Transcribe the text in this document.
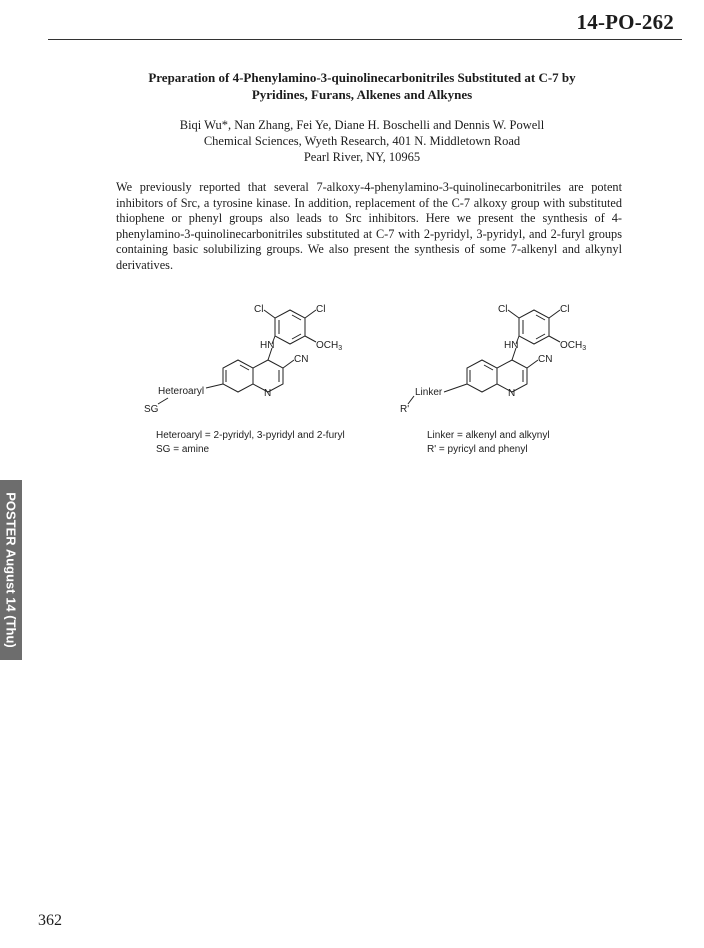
14-PO-262
Preparation of 4-Phenylamino-3-quinolinecarbonitriles Substituted at C-7 by
Pyridines, Furans, Alkenes and Alkynes
Biqi Wu*, Nan Zhang, Fei Ye, Diane H. Boschelli and Dennis W. Powell
Chemical Sciences, Wyeth Research, 401 N. Middletown Road
Pearl River, NY, 10965

We previously reported that several 7-alkoxy-4-phenylamino-3-quinolinecarbonitriles are potent inhibitors of Src, a tyrosine kinase. In addition, replacement of the C-7 alkoxy group with substituted thiophene or phenyl groups also leads to Src inhibitors. Here we present the synthesis of 4-phenylamino-3-quinolinecarbonitriles substituted at C-7 with 2-pyridyl, 3-pyridyl, and 2-furyl groups containing basic solubilizing groups. We also present the synthesis of some 7-alkenyl and alkynyl derivatives.

Cl	Cl
HN	$OCH_3$
CN
N
Heteroaryl
SG
Cl	Cl
HN	$OCH_3$
CN
N
Linker
R'
Heteroaryl = 2-pyridyl, 3-pyridyl and 2-furyl
SG = amine
Linker = alkenyl and alkynyl
R' = pyricyl and phenyl
POSTER August 14 (Thu)
362
